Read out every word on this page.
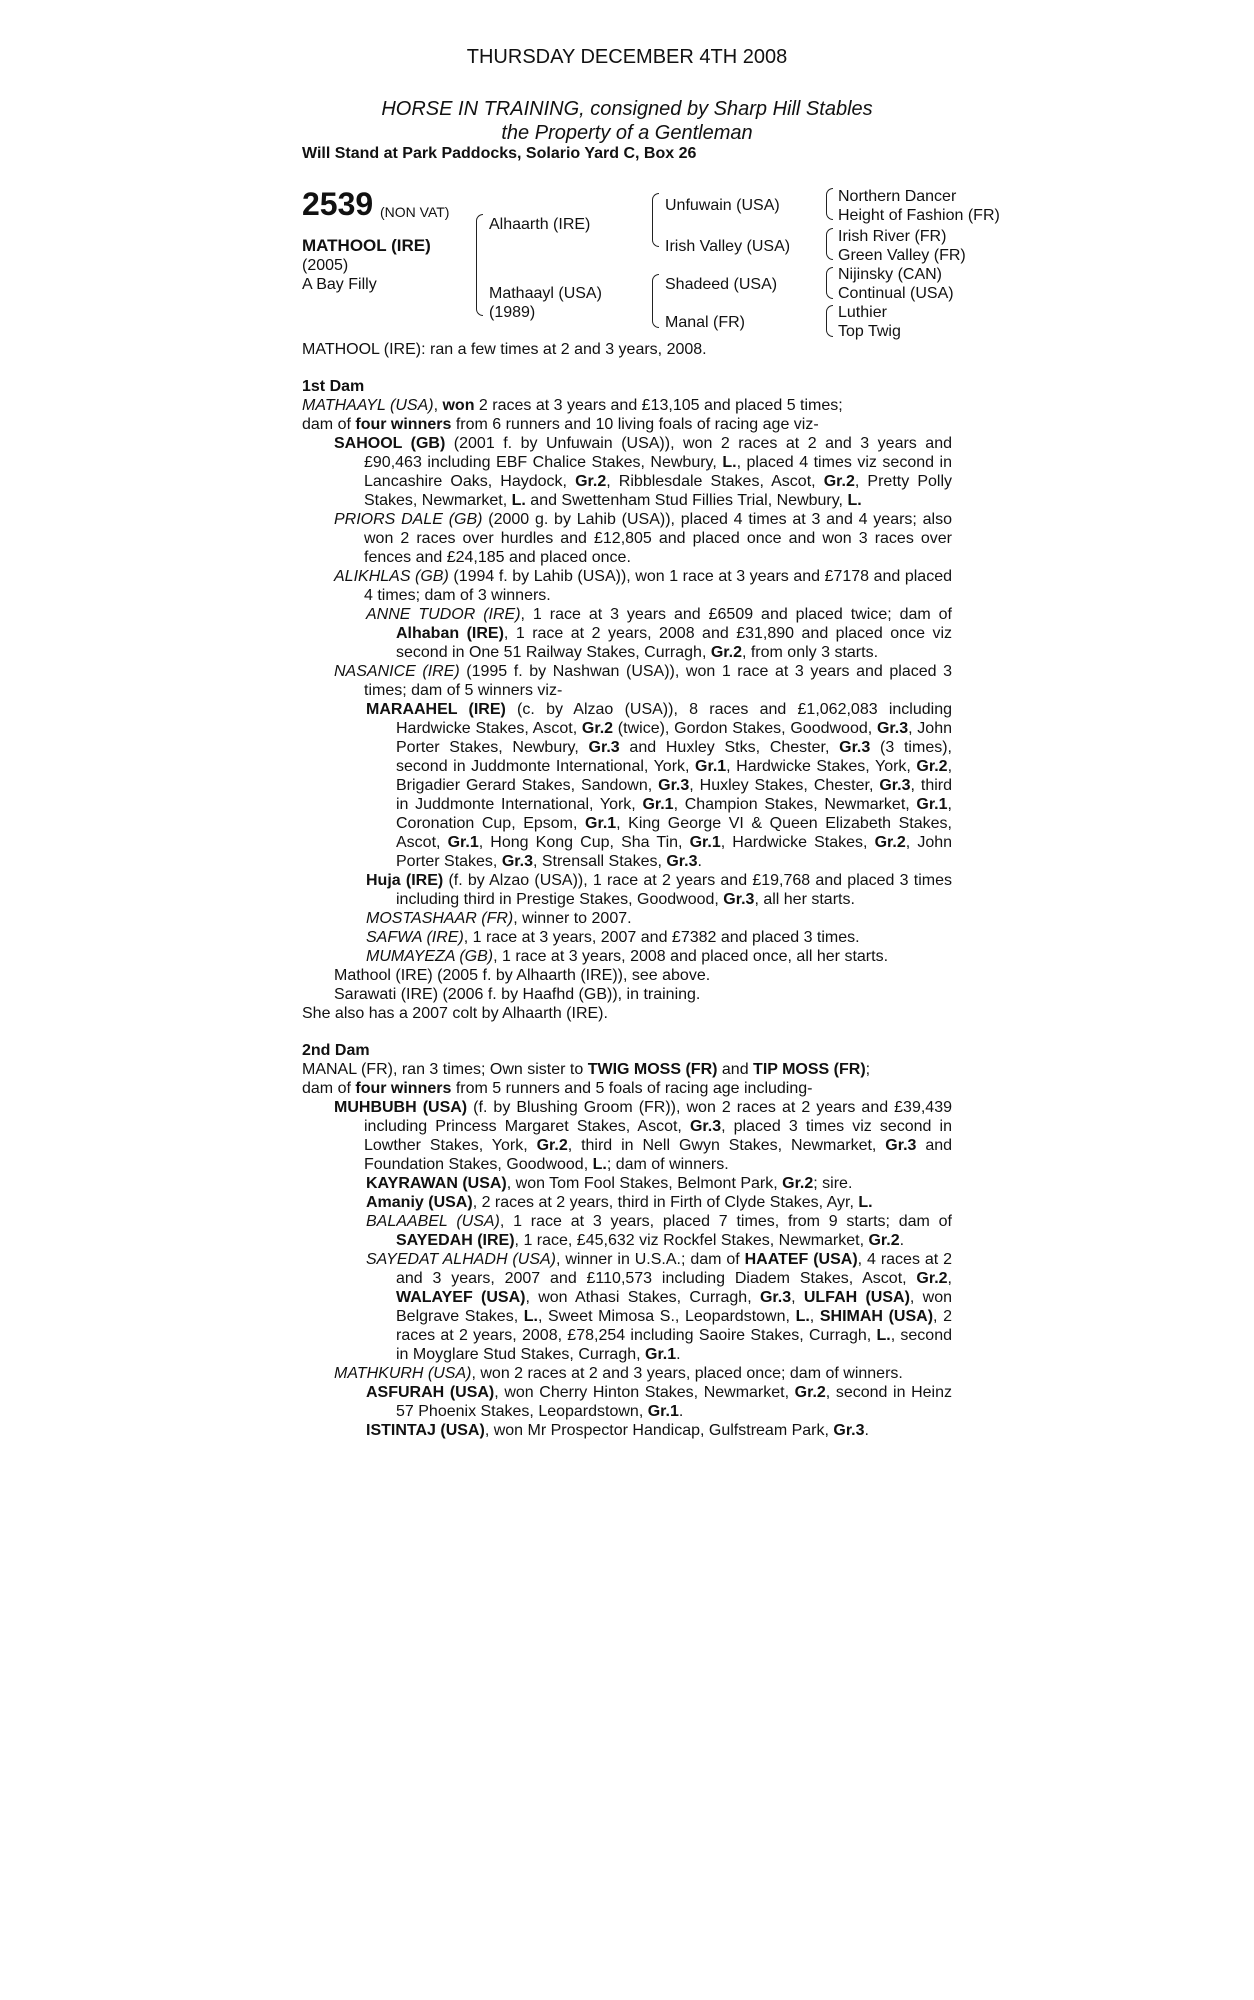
THURSDAY DECEMBER 4TH 2008
HORSE IN TRAINING, consigned by Sharp Hill Stables
the Property of a Gentleman
Will Stand at Park Paddocks, Solario Yard C, Box 26
2539 (NON VAT)
MATHOOL (IRE)
(2005)
A Bay Filly
Alhaarth (IRE)
Mathaayl (USA)
(1989)
Unfuwain (USA)
Irish Valley (USA)
Shadeed (USA)
Manal (FR)
Northern Dancer
Height of Fashion (FR)
Irish River (FR)
Green Valley (FR)
Nijinsky (CAN)
Continual (USA)
Luthier
Top Twig
MATHOOL (IRE): ran a few times at 2 and 3 years, 2008.
1st Dam

MATHAAYL (USA), won 2 races at 3 years and £13,105 and placed 5 times;

dam of four winners from 6 runners and 10 living foals of racing age viz-

SAHOOL (GB) (2001 f. by Unfuwain (USA)), won 2 races at 2 and 3 years and £90,463 including EBF Chalice Stakes, Newbury, L., placed 4 times viz second in Lancashire Oaks, Haydock, Gr.2, Ribblesdale Stakes, Ascot, Gr.2, Pretty Polly Stakes, Newmarket, L. and Swettenham Stud Fillies Trial, Newbury, L.

PRIORS DALE (GB) (2000 g. by Lahib (USA)), placed 4 times at 3 and 4 years; also won 2 races over hurdles and £12,805 and placed once and won 3 races over fences and £24,185 and placed once.

ALIKHLAS (GB) (1994 f. by Lahib (USA)), won 1 race at 3 years and £7178 and placed 4 times; dam of 3 winners.

ANNE TUDOR (IRE), 1 race at 3 years and £6509 and placed twice; dam of Alhaban (IRE), 1 race at 2 years, 2008 and £31,890 and placed once viz second in One 51 Railway Stakes, Curragh, Gr.2, from only 3 starts.

NASANICE (IRE) (1995 f. by Nashwan (USA)), won 1 race at 3 years and placed 3 times; dam of 5 winners viz-

MARAAHEL (IRE) (c. by Alzao (USA)), 8 races and £1,062,083 including Hardwicke Stakes, Ascot, Gr.2 (twice), Gordon Stakes, Goodwood, Gr.3, John Porter Stakes, Newbury, Gr.3 and Huxley Stks, Chester, Gr.3 (3 times), second in Juddmonte International, York, Gr.1, Hardwicke Stakes, York, Gr.2, Brigadier Gerard Stakes, Sandown, Gr.3, Huxley Stakes, Chester, Gr.3, third in Juddmonte International, York, Gr.1, Champion Stakes, Newmarket, Gr.1, Coronation Cup, Epsom, Gr.1, King George VI & Queen Elizabeth Stakes, Ascot, Gr.1, Hong Kong Cup, Sha Tin, Gr.1, Hardwicke Stakes, Gr.2, John Porter Stakes, Gr.3, Strensall Stakes, Gr.3.

Huja (IRE) (f. by Alzao (USA)), 1 race at 2 years and £19,768 and placed 3 times including third in Prestige Stakes, Goodwood, Gr.3, all her starts.

MOSTASHAAR (FR), winner to 2007.

SAFWA (IRE), 1 race at 3 years, 2007 and £7382 and placed 3 times.

MUMAYEZA (GB), 1 race at 3 years, 2008 and placed once, all her starts.

Mathool (IRE) (2005 f. by Alhaarth (IRE)), see above.

Sarawati (IRE) (2006 f. by Haafhd (GB)), in training.

She also has a 2007 colt by Alhaarth (IRE).

2nd Dam

MANAL (FR), ran 3 times; Own sister to TWIG MOSS (FR) and TIP MOSS (FR);

dam of four winners from 5 runners and 5 foals of racing age including-

MUHBUBH (USA) (f. by Blushing Groom (FR)), won 2 races at 2 years and £39,439 including Princess Margaret Stakes, Ascot, Gr.3, placed 3 times viz second in Lowther Stakes, York, Gr.2, third in Nell Gwyn Stakes, Newmarket, Gr.3 and Foundation Stakes, Goodwood, L.; dam of winners.

KAYRAWAN (USA), won Tom Fool Stakes, Belmont Park, Gr.2; sire.

Amaniy (USA), 2 races at 2 years, third in Firth of Clyde Stakes, Ayr, L.

BALAABEL (USA), 1 race at 3 years, placed 7 times, from 9 starts; dam of SAYEDAH (IRE), 1 race, £45,632 viz Rockfel Stakes, Newmarket, Gr.2.

SAYEDAT ALHADH (USA), winner in U.S.A.; dam of HAATEF (USA), 4 races at 2 and 3 years, 2007 and £110,573 including Diadem Stakes, Ascot, Gr.2, WALAYEF (USA), won Athasi Stakes, Curragh, Gr.3, ULFAH (USA), won Belgrave Stakes, L., Sweet Mimosa S., Leopardstown, L., SHIMAH (USA), 2 races at 2 years, 2008, £78,254 including Saoire Stakes, Curragh, L., second in Moyglare Stud Stakes, Curragh, Gr.1.

MATHKURH (USA), won 2 races at 2 and 3 years, placed once; dam of winners.

ASFURAH (USA), won Cherry Hinton Stakes, Newmarket, Gr.2, second in Heinz 57 Phoenix Stakes, Leopardstown, Gr.1.

ISTINTAJ (USA), won Mr Prospector Handicap, Gulfstream Park, Gr.3.
